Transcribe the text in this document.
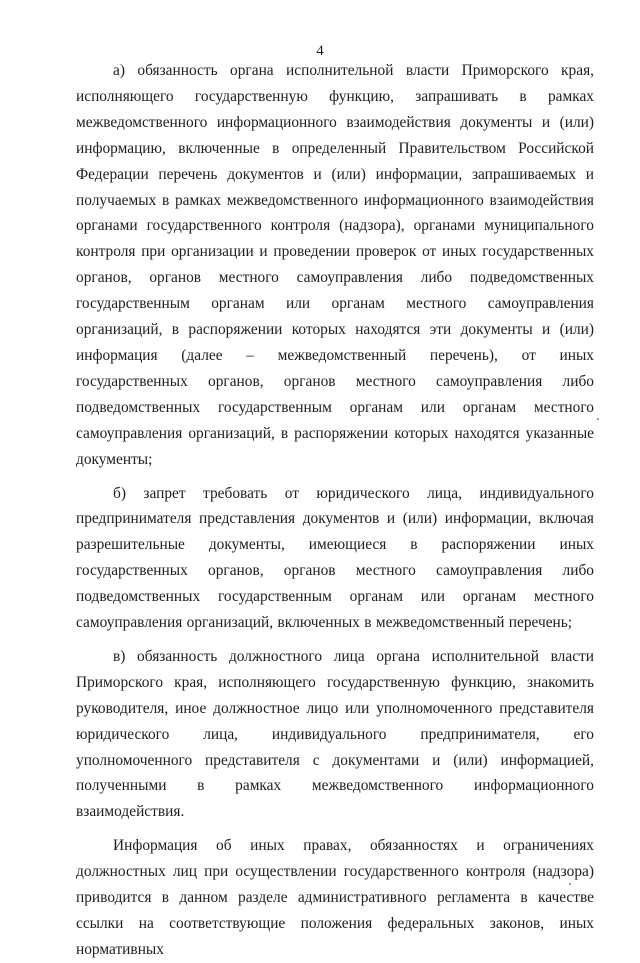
4

а) обязанность органа исполнительной власти Приморского края, исполняющего государственную функцию, запрашивать в рамках межведомственного информационного взаимодействия документы и (или) информацию, включенные в определенный Правительством Российской Федерации перечень документов и (или) информации, запрашиваемых и получаемых в рамках межведомственного информационного взаимодействия органами государственного контроля (надзора), органами муниципального контроля при организации и проведении проверок от иных государственных органов, органов местного самоуправления либо подведомственных государственным органам или органам местного самоуправления организаций, в распоряжении которых находятся эти документы и (или) информация (далее – межведомственный перечень), от иных государственных органов, органов местного самоуправления либо подведомственных государственным органам или органам местного самоуправления организаций, в распоряжении которых находятся указанные документы;

б) запрет требовать от юридического лица, индивидуального предпринимателя представления документов и (или) информации, включая разрешительные документы, имеющиеся в распоряжении иных государственных органов, органов местного самоуправления либо подведомственных государственным органам или органам местного самоуправления организаций, включенных в межведомственный перечень;

в) обязанность должностного лица органа исполнительной власти Приморского края, исполняющего государственную функцию, знакомить руководителя, иное должностное лицо или уполномоченного представителя юридического лица, индивидуального предпринимателя, его уполномоченного представителя с документами и (или) информацией, полученными в рамках межведомственного информационного взаимодействия.

Информация об иных правах, обязанностях и ограничениях должностных лиц при осуществлении государственного контроля (надзора) приводится в данном разделе административного регламента в качестве ссылки на соответствующие положения федеральных законов, иных нормативных
